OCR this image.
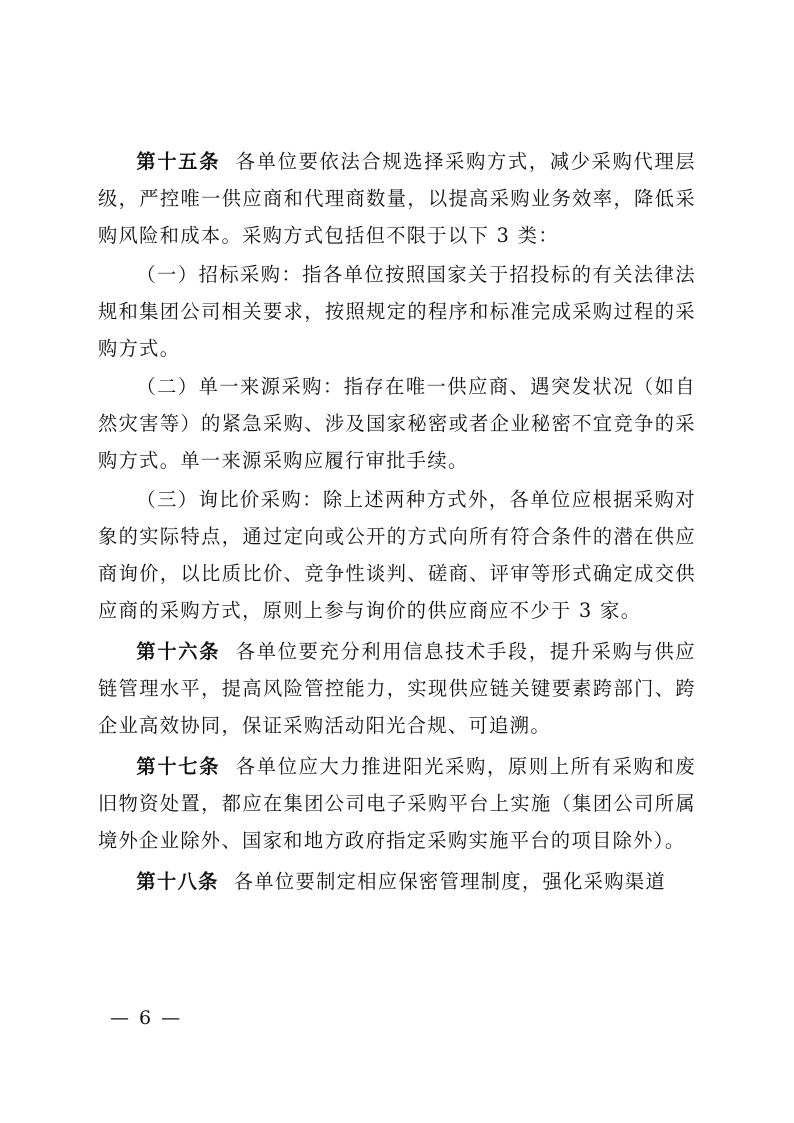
第十五条 各单位要依法合规选择采购方式，减少采购代理层级，严控唯一供应商和代理商数量，以提高采购业务效率，降低采购风险和成本。采购方式包括但不限于以下 3 类：

（一）招标采购：指各单位按照国家关于招投标的有关法律法规和集团公司相关要求，按照规定的程序和标准完成采购过程的采购方式。

（二）单一来源采购：指存在唯一供应商、遇突发状况（如自然灾害等）的紧急采购、涉及国家秘密或者企业秘密不宜竞争的采购方式。单一来源采购应履行审批手续。

（三）询比价采购：除上述两种方式外，各单位应根据采购对象的实际特点，通过定向或公开的方式向所有符合条件的潜在供应商询价，以比质比价、竞争性谈判、磋商、评审等形式确定成交供应商的采购方式，原则上参与询价的供应商应不少于 3 家。

第十六条 各单位要充分利用信息技术手段，提升采购与供应链管理水平，提高风险管控能力，实现供应链关键要素跨部门、跨企业高效协同，保证采购活动阳光合规、可追溯。

第十七条 各单位应大力推进阳光采购，原则上所有采购和废旧物资处置，都应在集团公司电子采购平台上实施（集团公司所属境外企业除外、国家和地方政府指定采购实施平台的项目除外）。

第十八条 各单位要制定相应保密管理制度，强化采购渠道

— 6 —
